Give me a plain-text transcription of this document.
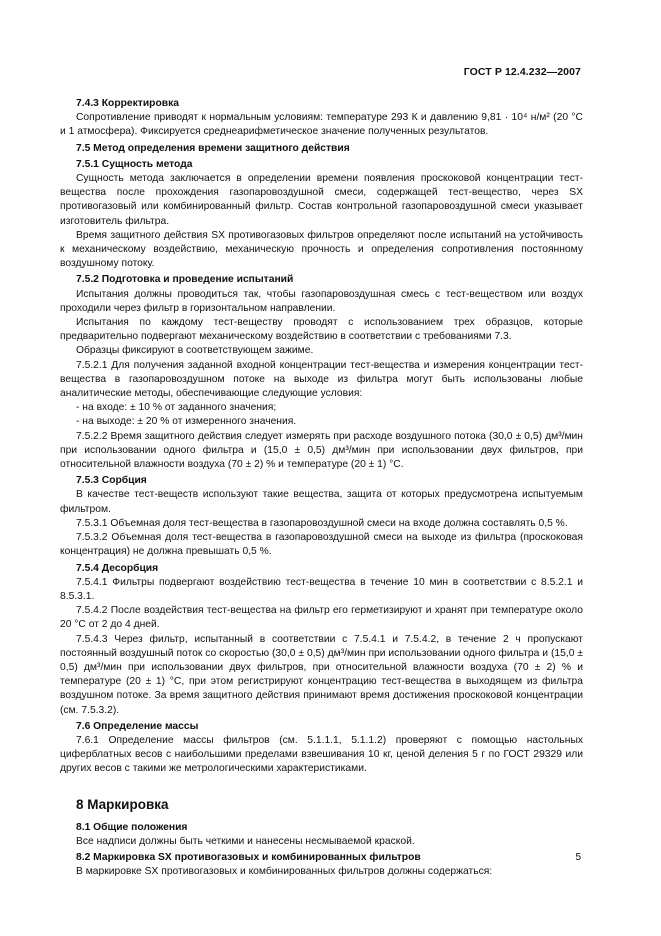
ГОСТ Р 12.4.232—2007
7.4.3 Корректировка
Сопротивление приводят к нормальным условиям: температуре 293 К и давлению 9,81 · 10⁴ н/м² (20 °С и 1 атмосфера). Фиксируется среднеарифметическое значение полученных результатов.
7.5 Метод определения времени защитного действия
7.5.1 Сущность метода
Сущность метода заключается в определении времени появления проскоковой концентрации тест-вещества после прохождения газопаровоздушной смеси, содержащей тест-вещество, через SX противогазовый или комбинированный фильтр. Состав контрольной газопаровоздушной смеси указывает изготовитель фильтра.
Время защитного действия SX противогазовых фильтров определяют после испытаний на устойчивость к механическому воздействию, механическую прочность и определения сопротивления постоянному воздушному потоку.
7.5.2 Подготовка и проведение испытаний
Испытания должны проводиться так, чтобы газопаровоздушная смесь с тест-веществом или воздух проходили через фильтр в горизонтальном направлении.
Испытания по каждому тест-веществу проводят с использованием трех образцов, которые предварительно подвергают механическому воздействию в соответствии с требованиями 7.3.
Образцы фиксируют в соответствующем зажиме.
7.5.2.1 Для получения заданной входной концентрации тест-вещества и измерения концентрации тест-вещества в газопаровоздушном потоке на выходе из фильтра могут быть использованы любые аналитические методы, обеспечивающие следующие условия:
- на входе: ± 10 % от заданного значения;
- на выходе: ± 20 % от измеренного значения.
7.5.2.2 Время защитного действия следует измерять при расходе воздушного потока (30,0 ± 0,5) дм³/мин при использовании одного фильтра и (15,0 ± 0,5) дм³/мин при использовании двух фильтров, при относительной влажности воздуха (70 ± 2) % и температуре (20 ± 1) °С.
7.5.3 Сорбция
В качестве тест-веществ используют такие вещества, защита от которых предусмотрена испытуемым фильтром.
7.5.3.1 Объемная доля тест-вещества в газопаровоздушной смеси на входе должна составлять 0,5 %.
7.5.3.2 Объемная доля тест-вещества в газопаровоздушной смеси на выходе из фильтра (проскоковая концентрация) не должна превышать 0,5 %.
7.5.4 Десорбция
7.5.4.1 Фильтры подвергают воздействию тест-вещества в течение 10 мин в соответствии с 8.5.2.1 и 8.5.3.1.
7.5.4.2 После воздействия тест-вещества на фильтр его герметизируют и хранят при температуре около 20 °С от 2 до 4 дней.
7.5.4.3 Через фильтр, испытанный в соответствии с 7.5.4.1 и 7.5.4.2, в течение 2 ч пропускают постоянный воздушный поток со скоростью (30,0 ± 0,5) дм³/мин при использовании одного фильтра и (15,0 ± 0,5) дм³/мин при использовании двух фильтров, при относительной влажности воздуха (70 ± 2) % и температуре (20 ± 1) °С, при этом регистрируют концентрацию тест-вещества в выходящем из фильтра воздушном потоке. За время защитного действия принимают время достижения проскоковой концентрации (см. 7.5.3.2).
7.6 Определение массы
7.6.1 Определение массы фильтров (см. 5.1.1.1, 5.1.1.2) проверяют с помощью настольных циферблатных весов с наибольшими пределами взвешивания 10 кг, ценой деления 5 г по ГОСТ 29329 или других весов с такими же метрологическими характеристиками.
8 Маркировка
8.1 Общие положения
Все надписи должны быть четкими и нанесены несмываемой краской.
8.2 Маркировка SX противогазовых и комбинированных фильтров
В маркировке SX противогазовых и комбинированных фильтров должны содержаться:
5
